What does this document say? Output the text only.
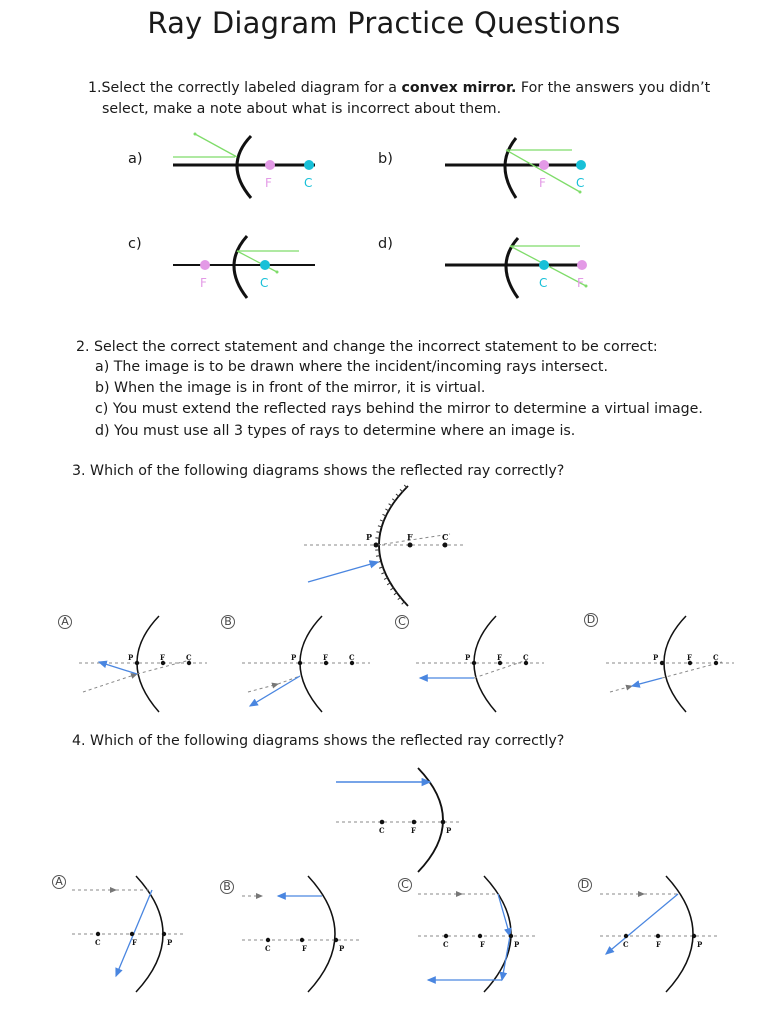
Ray Diagram Practice Questions
1.Select the correctly labeled diagram for a convex mirror. For the answers you didn’t
select, make a note about what is incorrect about them.
a)	b)
c)	d)
F	C	F	C
F	C	C F
2. Select the correct statement and change the incorrect statement to be correct:
a) The image is to be drawn where the incident/incoming rays intersect.
b) When the image is in front of the mirror, it is virtual.
c) You must extend the reflected rays behind the mirror to determine a virtual image.
d) You must use all 3 types of rays to determine where an image is.
3. Which of the following diagrams shows the reflected ray correctly?
P	F	C
A	B	C	D
P	F	C	P	F	C	P	F	C	P	F	C
4. Which of the following diagrams shows the reflected ray correctly?
C	F	P
A	B	C	D
C	F	P
C	F	P	C	F	P	C	F	P
